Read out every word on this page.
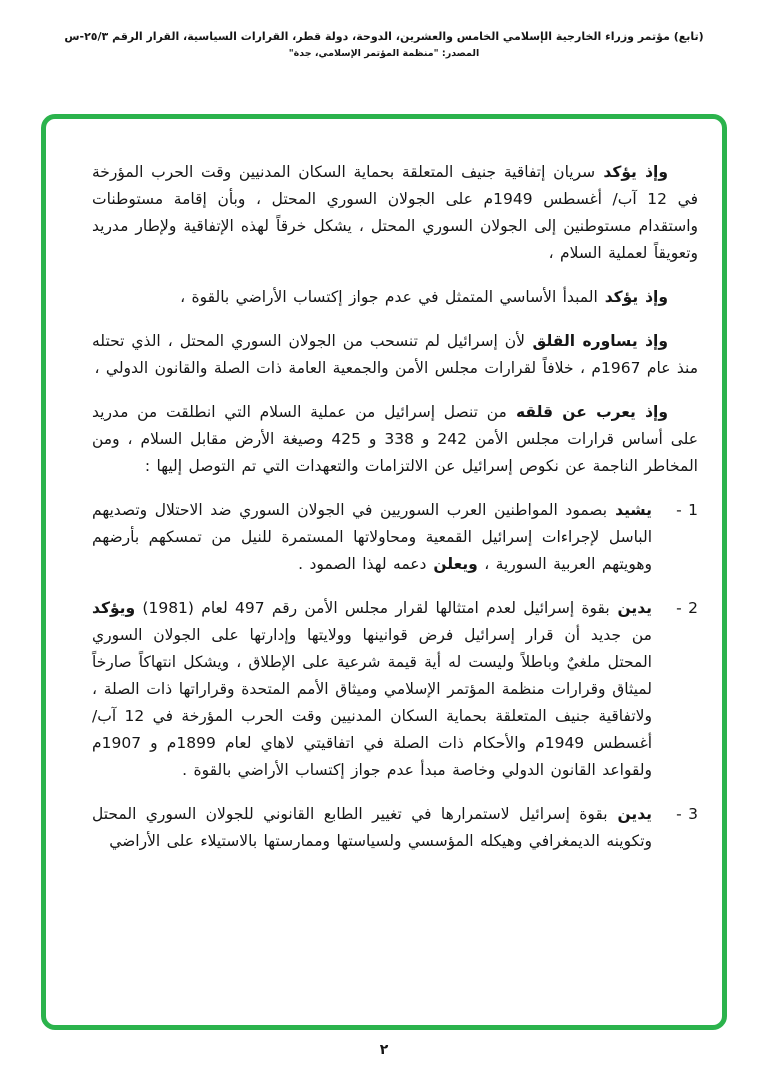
(تابع) مؤتمر وزراء الخارجية الإسلامي الخامس والعشرين، الدوحة، دولة قطر، القرارات السياسية، القرار الرقم ٢٥/٣-س
المصدر: "منظمة المؤتمر الإسلامي، جدة"

وإذ يؤكد سريان إتفاقية جنيف المتعلقة بحماية السكان المدنيين وقت الحرب المؤرخة في 12 آب/ أغسطس 1949م على الجولان السوري المحتل ، وبأن إقامة مستوطنات واستقدام مستوطنين إلى الجولان السوري المحتل ، يشكل خرقاً لهذه الإتفاقية ولإطار مدريد وتعويقاً لعملية السلام ،

وإذ يؤكد المبدأ الأساسي المتمثل في عدم جواز إكتساب الأراضي بالقوة ،

وإذ يساوره القلق لأن إسرائيل لم تنسحب من الجولان السوري المحتل ، الذي تحتله منذ عام 1967م ، خلافاً لقرارات مجلس الأمن والجمعية العامة ذات الصلة والقانون الدولي ،

وإذ يعرب عن قلقه من تنصل إسرائيل من عملية السلام التي انطلقت من مدريد على أساس قرارات مجلس الأمن 242 و 338 و 425 وصيغة الأرض مقابل السلام ، ومن المخاطر الناجمة عن نكوص إسرائيل عن الالتزامات والتعهدات التي تم التوصل إليها :

1 -
يشيد بصمود المواطنين العرب السوريين في الجولان السوري ضد الاحتلال وتصديهم الباسل لإجراءات إسرائيل القمعية ومحاولاتها المستمرة للنيل من تمسكهم بأرضهم وهويتهم العربية السورية ، ويعلن دعمه لهذا الصمود .
2 -
يدين بقوة إسرائيل لعدم امتثالها لقرار مجلس الأمن رقم 497 لعام (1981) ويؤكد من جديد أن قرار إسرائيل فرض قوانينها وولايتها وإدارتها على الجولان السوري المحتل ملغيٌ وباطلاً وليست له أية قيمة شرعية على الإطلاق ، ويشكل انتهاكاً صارخاً لميثاق وقرارات منظمة المؤتمر الإسلامي وميثاق الأمم المتحدة وقراراتها ذات الصلة ، ولاتفاقية جنيف المتعلقة بحماية السكان المدنيين وقت الحرب المؤرخة في 12 آب/أغسطس 1949م والأحكام ذات الصلة في اتفاقيتي لاهاي لعام 1899م و 1907م ولقواعد القانون الدولي وخاصة مبدأ عدم جواز إكتساب الأراضي بالقوة .
3 -
يدين بقوة إسرائيل لاستمرارها في تغيير الطابع القانوني للجولان السوري المحتل وتكوينه الديمغرافي وهيكله المؤسسي ولسياستها وممارستها بالاستيلاء على الأراضي
٢
